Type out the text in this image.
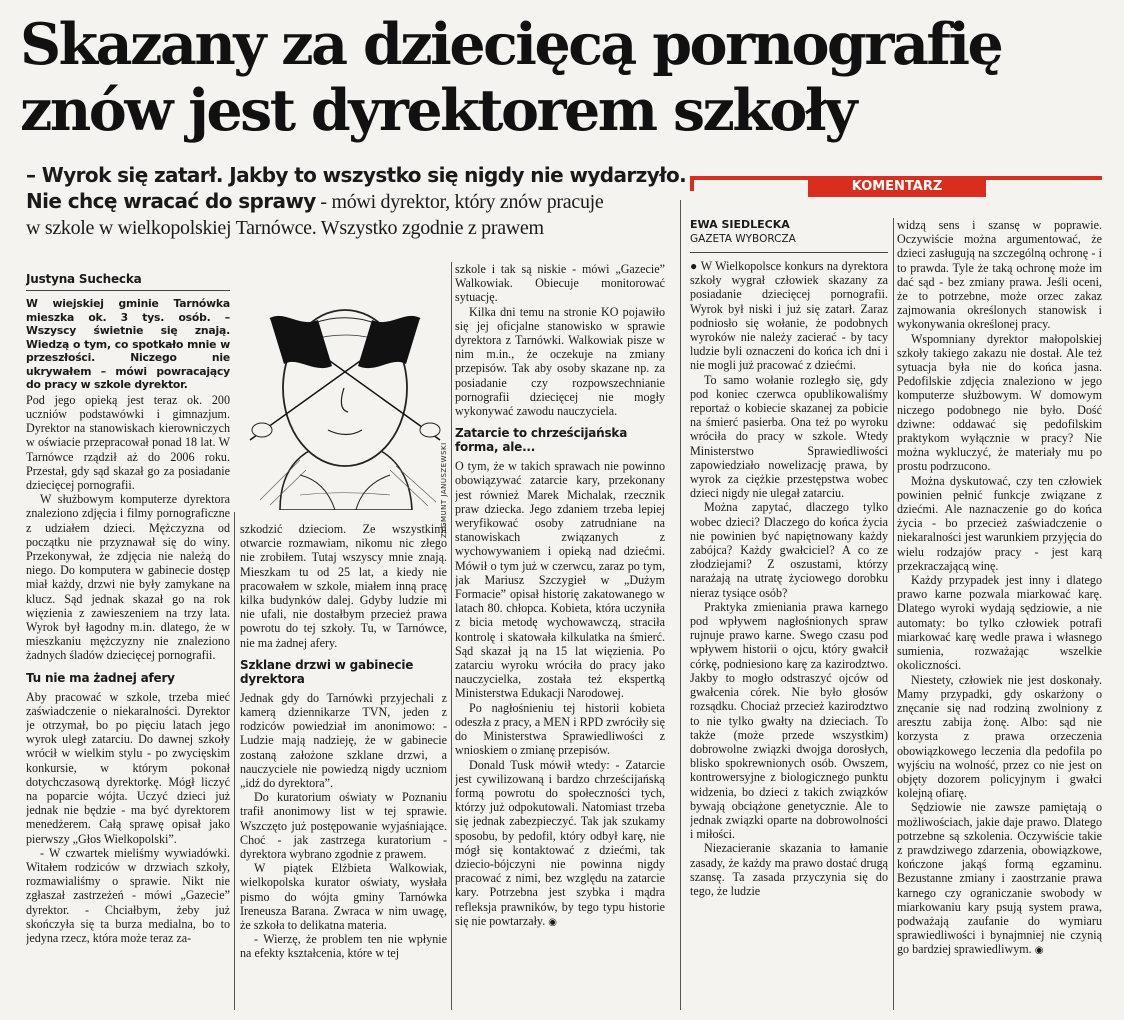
Skazany za dziecięcą pornografię
znów jest dyrektorem szkoły

– Wyrok się zatarł. Jakby to wszystko się nigdy nie wydarzyło.

Nie chcę wracać do sprawy - mówi dyrektor, który znów pracuje

w szkole w wielkopolskiej Tarnówce. Wszystko zgodnie z prawem

Justyna Suchecka
W wiejskiej gminie Tarnówka mieszka ok. 3 tys. osób. – Wszyscy świetnie się znają. Wiedzą o tym, co spotkało mnie w przeszłości. Niczego nie ukrywałem – mówi powracający do pracy w szkole dyrektor.

Pod jego opieką jest teraz ok. 200 uczniów podstawówki i gimnazjum. Dyrektor na stanowiskach kierowniczych w oświacie przepracował ponad 18 lat. W Tarnówce rządził aż do 2006 roku. Przestał, gdy sąd skazał go za posiadanie dziecięcej pornografii.

W służbowym komputerze dyrektora znaleziono zdjęcia i filmy pornograficzne z udziałem dzieci. Mężczyzna od początku nie przyznawał się do winy. Przekonywał, że zdjęcia nie należą do niego. Do komputera w gabinecie dostęp miał każdy, drzwi nie były zamykane na klucz. Sąd jednak skazał go na rok więzienia z zawieszeniem na trzy lata. Wyrok był łagodny m.in. dlatego, że w mieszkaniu mężczyzny nie znaleziono żadnych śladów dziecięcej pornografii.

Tu nie ma żadnej afery

Aby pracować w szkole, trzeba mieć zaświadczenie o niekaralności. Dyrektor je otrzymał, bo po pięciu latach jego wyrok uległ zatarciu. Do dawnej szkoły wrócił w wielkim stylu - po zwycięskim konkursie, w którym pokonał dotychczasową dyrektorkę. Mógł liczyć na poparcie wójta. Uczyć dzieci już jednak nie będzie - ma być dyrektorem menedżerem. Całą sprawę opisał jako pierwszy „Głos Wielkopolski”.

- W czwartek mieliśmy wywiadówki. Witałem rodziców w drzwiach szkoły, rozmawialiśmy o sprawie. Nikt nie zgłaszał zastrzeżeń - mówi „Gazecie” dyrektor. - Chciałbym, żeby już skończyła się ta burza medialna, bo to jedyna rzecz, która może teraz za-

ZYGMUNT JANUSZEWSKI

szkodzić dzieciom. Ze wszystkimi otwarcie rozmawiam, nikomu nic złego nie zrobiłem. Tutaj wszyscy mnie znają. Mieszkam tu od 25 lat, a kiedy nie pracowałem w szkole, miałem inną pracę kilka budynków dalej. Gdyby ludzie mi nie ufali, nie dostałbym przecież prawa powrotu do tej szkoły. Tu, w Tarnówce, nie ma żadnej afery.

Szklane drzwi w gabinecie dyrektora

Jednak gdy do Tarnówki przyjechali z kamerą dziennikarze TVN, jeden z rodziców powiedział im anonimowo: - Ludzie mają nadzieję, że w gabinecie zostaną założone szklane drzwi, a nauczyciele nie powiedzą nigdy uczniom „idź do dyrektora”.

Do kuratorium oświaty w Poznaniu trafił anonimowy list w tej sprawie. Wszczęto już postępowanie wyjaśniające. Choć - jak zastrzega kuratorium - dyrektora wybrano zgodnie z prawem.

W piątek Elżbieta Walkowiak, wielkopolska kurator oświaty, wysłała pismo do wójta gminy Tarnówka Ireneusza Barana. Zwraca w nim uwagę, że szkoła to delikatna materia.

- Wierzę, że problem ten nie wpłynie na efekty kształcenia, które w tej

szkole i tak są niskie - mówi „Gazecie” Walkowiak. Obiecuje monitorować sytuację.

Kilka dni temu na stronie KO pojawiło się jej oficjalne stanowisko w sprawie dyrektora z Tarnówki. Walkowiak pisze w nim m.in., że oczekuje na zmiany przepisów. Tak aby osoby skazane np. za posiadanie czy rozpowszechnianie pornografii dziecięcej nie mogły wykonywać zawodu nauczyciela.

Zatarcie to chrześcijańska forma, ale...

O tym, że w takich sprawach nie powinno obowiązywać zatarcie kary, przekonany jest również Marek Michalak, rzecznik praw dziecka. Jego zdaniem trzeba lepiej weryfikować osoby zatrudniane na stanowiskach związanych z wychowywaniem i opieką nad dziećmi. Mówił o tym już w czerwcu, zaraz po tym, jak Mariusz Szczygieł w „Dużym Formacie” opisał historię zakatowanego w latach 80. chłopca. Kobieta, która uczyniła z bicia metodę wychowawczą, straciła kontrolę i skatowała kilkulatka na śmierć. Sąd skazał ją na 15 lat więzienia. Po zatarciu wyroku wróciła do pracy jako nauczycielka, została też ekspertką Ministerstwa Edukacji Narodowej.

Po nagłośnieniu tej historii kobieta odeszła z pracy, a MEN i RPD zwróciły się do Ministerstwa Sprawiedliwości z wnioskiem o zmianę przepisów.

Donald Tusk mówił wtedy: - Zatarcie jest cywilizowaną i bardzo chrześcijańską formą powrotu do społeczności tych, którzy już odpokutowali. Natomiast trzeba się jednak zabezpieczyć. Tak jak szukamy sposobu, by pedofil, który odbył karę, nie mógł się kontaktować z dziećmi, tak dziecio-bójczyni nie powinna nigdy pracować z nimi, bez względu na zatarcie kary. Potrzebna jest szybka i mądra refleksja prawników, by tego typu historie się nie powtarzały. ◉

KOMENTARZ
EWA SIEDLECKA
GAZETA WYBORCZA

● W Wielkopolsce konkurs na dyrektora szkoły wygrał człowiek skazany za posiadanie dziecięcej pornografii. Wyrok był niski i już się zatarł. Zaraz podniosło się wołanie, że podobnych wyroków nie należy zacierać - by tacy ludzie byli oznaczeni do końca ich dni i nie mogli już pracować z dziećmi.

To samo wołanie rozległo się, gdy pod koniec czerwca opublikowaliśmy reportaż o kobiecie skazanej za pobicie na śmierć pasierba. Ona też po wyroku wróciła do pracy w szkole. Wtedy Ministerstwo Sprawiedliwości zapowiedziało nowelizację prawa, by wyrok za ciężkie przestępstwa wobec dzieci nigdy nie ulegał zatarciu.

Można zapytać, dlaczego tylko wobec dzieci? Dlaczego do końca życia nie powinien być napiętnowany każdy zabójca? Każdy gwałciciel? A co ze złodziejami? Z oszustami, którzy narażają na utratę życiowego dorobku nieraz tysiące osób?

Praktyka zmieniania prawa karnego pod wpływem nagłośnionych spraw rujnuje prawo karne. Swego czasu pod wpływem historii o ojcu, który gwałcił córkę, podniesiono karę za kazirodztwo. Jakby to mogło odstraszyć ojców od gwałcenia córek. Nie było głosów rozsądku. Chociaż przecież kazirodztwo to nie tylko gwałty na dzieciach. To także (może przede wszystkim) dobrowolne związki dwojga dorosłych, blisko spokrewnionych osób. Owszem, kontrowersyjne z biologicznego punktu widzenia, bo dzieci z takich związków bywają obciążone genetycznie. Ale to jednak związki oparte na dobrowolności i miłości.

Niezacieranie skazania to łamanie zasady, że każdy ma prawo dostać drugą szansę. Ta zasada przyczynia się do tego, że ludzie

widzą sens i szansę w poprawie. Oczywiście można argumentować, że dzieci zasługują na szczególną ochronę - i to prawda. Tyle że taką ochronę może im dać sąd - bez zmiany prawa. Jeśli oceni, że to potrzebne, może orzec zakaz zajmowania określonych stanowisk i wykonywania określonej pracy.

Wspomniany dyrektor małopolskiej szkoły takiego zakazu nie dostał. Ale też sytuacja była nie do końca jasna. Pedofilskie zdjęcia znaleziono w jego komputerze służbowym. W domowym niczego podobnego nie było. Dość dziwne: oddawać się pedofilskim praktykom wyłącznie w pracy? Nie można wykluczyć, że materiały mu po prostu podrzucono.

Można dyskutować, czy ten człowiek powinien pełnić funkcje związane z dziećmi. Ale naznaczenie go do końca życia - bo przecież zaświadczenie o niekaralności jest warunkiem przyjęcia do wielu rodzajów pracy - jest karą przekraczającą winę.

Każdy przypadek jest inny i dlatego prawo karne pozwala miarkować karę. Dlatego wyroki wydają sędziowie, a nie automaty: bo tylko człowiek potrafi miarkować karę wedle prawa i własnego sumienia, rozważając wszelkie okoliczności.

Niestety, człowiek nie jest doskonały. Mamy przypadki, gdy oskarżony o znęcanie się nad rodziną zwolniony z aresztu zabija żonę. Albo: sąd nie korzysta z prawa orzeczenia obowiązkowego leczenia dla pedofila po wyjściu na wolność, przez co nie jest on objęty dozorem policyjnym i gwałci kolejną ofiarę.

Sędziowie nie zawsze pamiętają o możliwościach, jakie daje prawo. Dlatego potrzebne są szkolenia. Oczywiście takie z prawdziwego zdarzenia, obowiązkowe, kończone jakąś formą egzaminu. Bezustanne zmiany i zaostrzanie prawa karnego czy ograniczanie swobody w miarkowaniu kary psują system prawa, podważają zaufanie do wymiaru sprawiedliwości i bynajmniej nie czynią go bardziej sprawiedliwym. ◉
